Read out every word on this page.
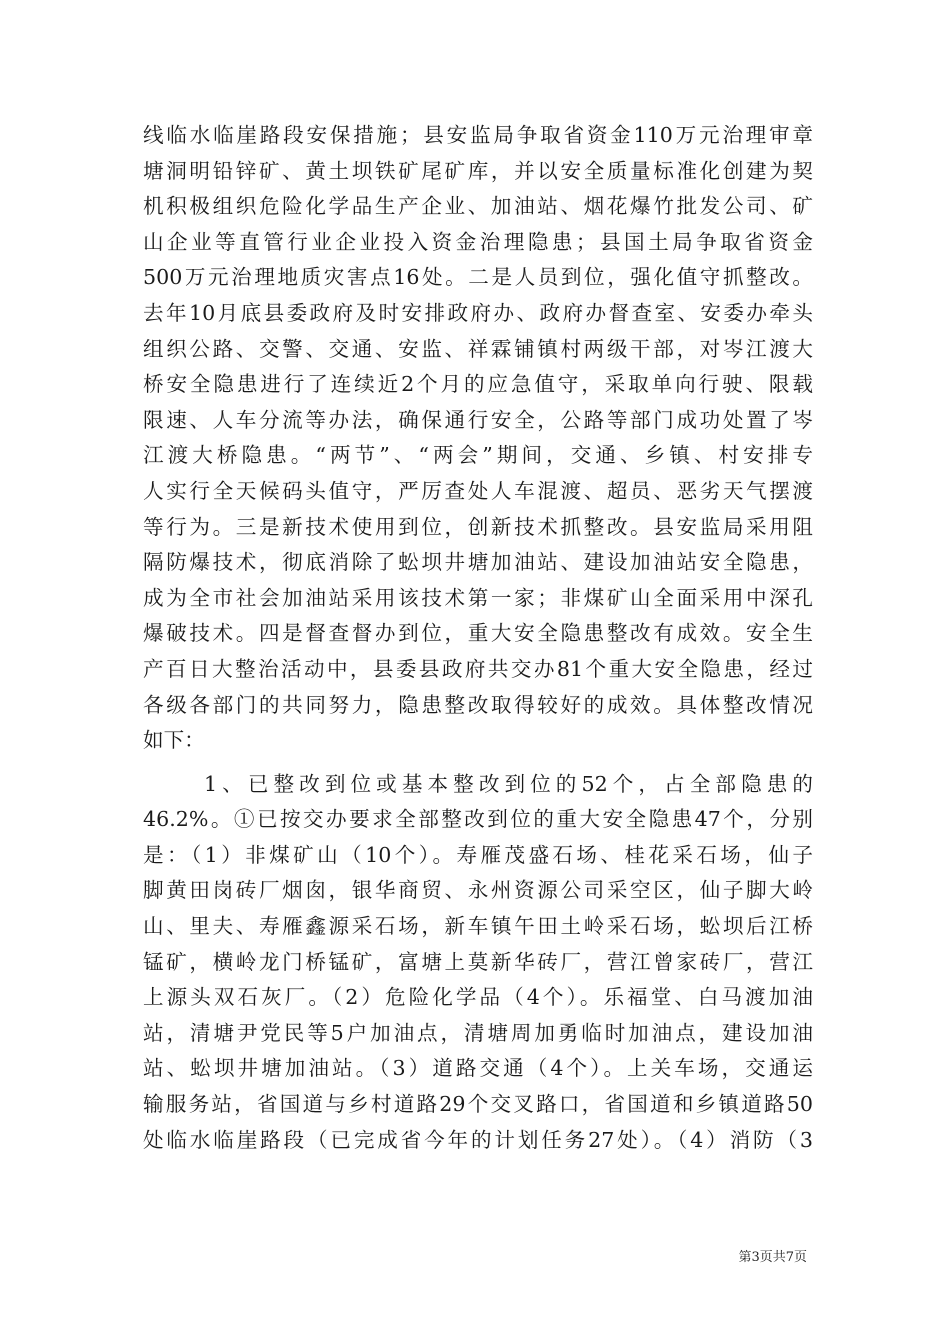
线临水临崖路段安保措施；县安监局争取省资金110万元治理审章
塘洞明铅锌矿、黄土坝铁矿尾矿库，并以安全质量标准化创建为契
机积极组织危险化学品生产企业、加油站、烟花爆竹批发公司、矿
山企业等直管行业企业投入资金治理隐患；县国土局争取省资金
500万元治理地质灾害点16处。二是人员到位，强化值守抓整改。
去年10月底县委政府及时安排政府办、政府办督查室、安委办牵头
组织公路、交警、交通、安监、祥霖铺镇村两级干部，对岑江渡大
桥安全隐患进行了连续近2个月的应急值守，采取单向行驶、限载
限速、人车分流等办法，确保通行安全，公路等部门成功处置了岑
江渡大桥隐患。“两节”、“两会”期间，交通、乡镇、村安排专
人实行全天候码头值守，严厉查处人车混渡、超员、恶劣天气摆渡
等行为。三是新技术使用到位，创新技术抓整改。县安监局采用阻
隔防爆技术，彻底消除了蚣坝井塘加油站、建设加油站安全隐患，
成为全市社会加油站采用该技术第一家；非煤矿山全面采用中深孔
爆破技术。四是督查督办到位，重大安全隐患整改有成效。安全生
产百日大整治活动中，县委县政府共交办81个重大安全隐患，经过
各级各部门的共同努力，隐患整改取得较好的成效。具体整改情况
如下：
1、已整改到位或基本整改到位的52个，占全部隐患的
46.2%。①已按交办要求全部整改到位的重大安全隐患47个，分别
是：（1）非煤矿山（10个）。寿雁茂盛石场、桂花采石场，仙子
脚黄田岗砖厂烟囱，银华商贸、永州资源公司采空区，仙子脚大岭
山、里夫、寿雁鑫源采石场，新车镇午田土岭采石场，蚣坝后江桥
锰矿，横岭龙门桥锰矿，富塘上莫新华砖厂，营江曾家砖厂，营江
上源头双石灰厂。（2）危险化学品（4个）。乐福堂、白马渡加油
站，清塘尹党民等5户加油点，清塘周加勇临时加油点，建设加油
站、蚣坝井塘加油站。（3）道路交通（4个）。上关车场，交通运
输服务站，省国道与乡村道路29个交叉路口，省国道和乡镇道路50
处临水临崖路段（已完成省今年的计划任务27处）。（4）消防（3
第3页共7页
